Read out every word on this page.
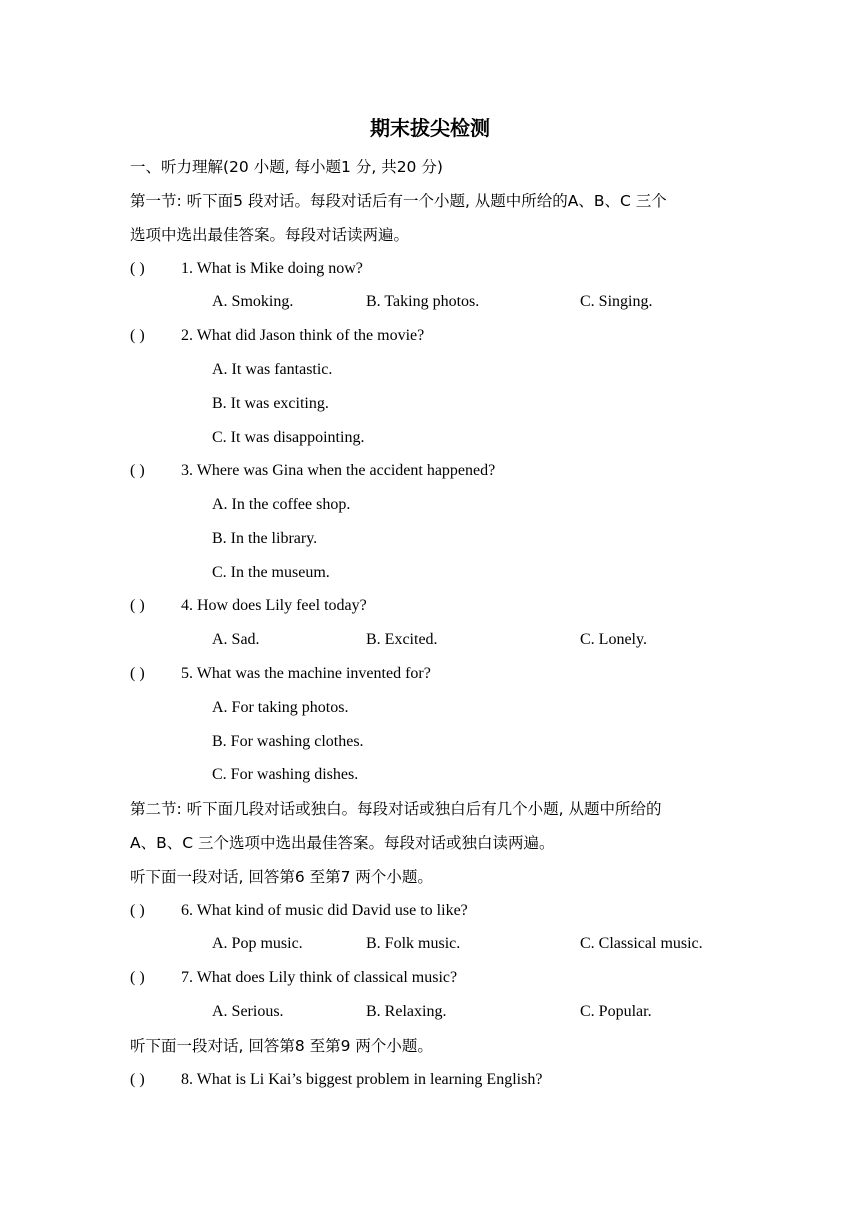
期末拔尖检测

一、听力理解(20 小题, 每小题1 分, 共20 分)

第一节: 听下面5 段对话。每段对话后有一个小题, 从题中所给的A、B、C 三个

选项中选出最佳答案。每段对话读两遍。

( ) 1. What is Mike doing now?
A. Smoking.	B. Taking photos.	C. Singing.
( ) 2. What did Jason think of the movie?
A. It was fantastic.
B. It was exciting.
C. It was disappointing.
( ) 3. Where was Gina when the accident happened?
A. In the coffee shop.
B. In the library.
C. In the museum.
( ) 4. How does Lily feel today?
A. Sad.	B. Excited.	C. Lonely.
( ) 5. What was the machine invented for?
A. For taking photos.
B. For washing clothes.
C. For washing dishes.

第二节: 听下面几段对话或独白。每段对话或独白后有几个小题, 从题中所给的

A、B、C 三个选项中选出最佳答案。每段对话或独白读两遍。

听下面一段对话, 回答第6 至第7 两个小题。

( ) 6. What kind of music did David use to like?
A. Pop music.	B. Folk music.	C. Classical music.
( ) 7. What does Lily think of classical music?
A. Serious.	B. Relaxing.	C. Popular.

听下面一段对话, 回答第8 至第9 两个小题。

( ) 8. What is Li Kai’s biggest problem in learning English?
